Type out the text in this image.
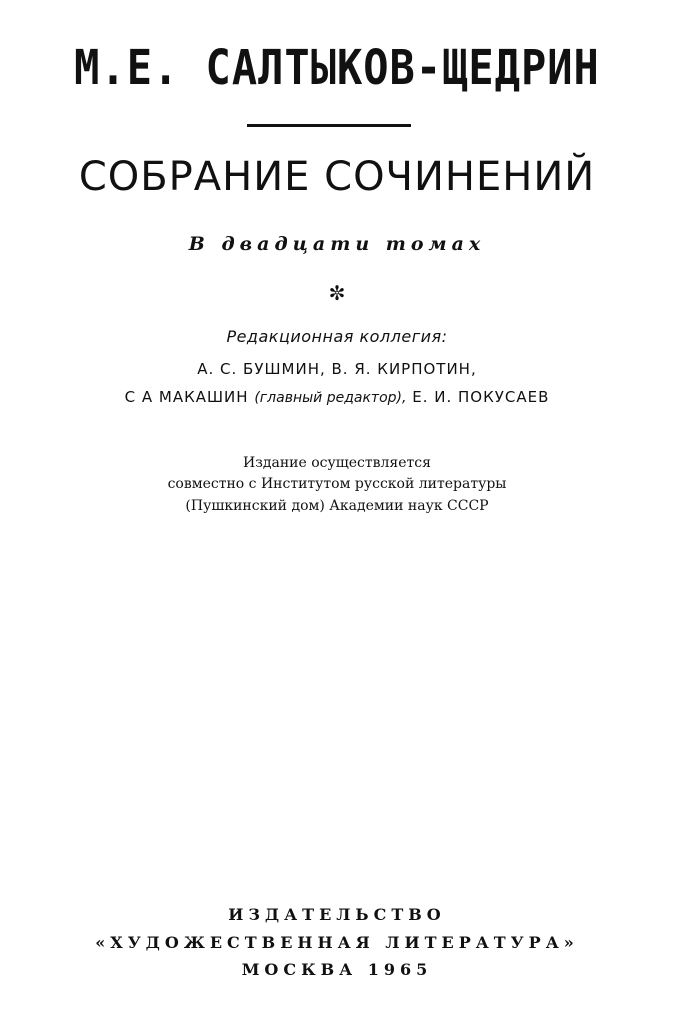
М.Е. САЛТЫКОВ-ЩЕДРИН
СОБРАНИЕ СОЧИНЕНИЙ
В двадцати томах
✼
Редакционная коллегия:
А. С. БУШМИН, В. Я. КИРПОТИН,
С А МАКАШИН (главный редактор), Е. И. ПОКУСАЕВ
Издание осуществляется
совместно с Институтом русской литературы
(Пушкинский дом) Академии наук СССР
ИЗДАТЕЛЬСТВО
«ХУДОЖЕСТВЕННАЯ ЛИТЕРАТУРА»
МОСКВА 1965
